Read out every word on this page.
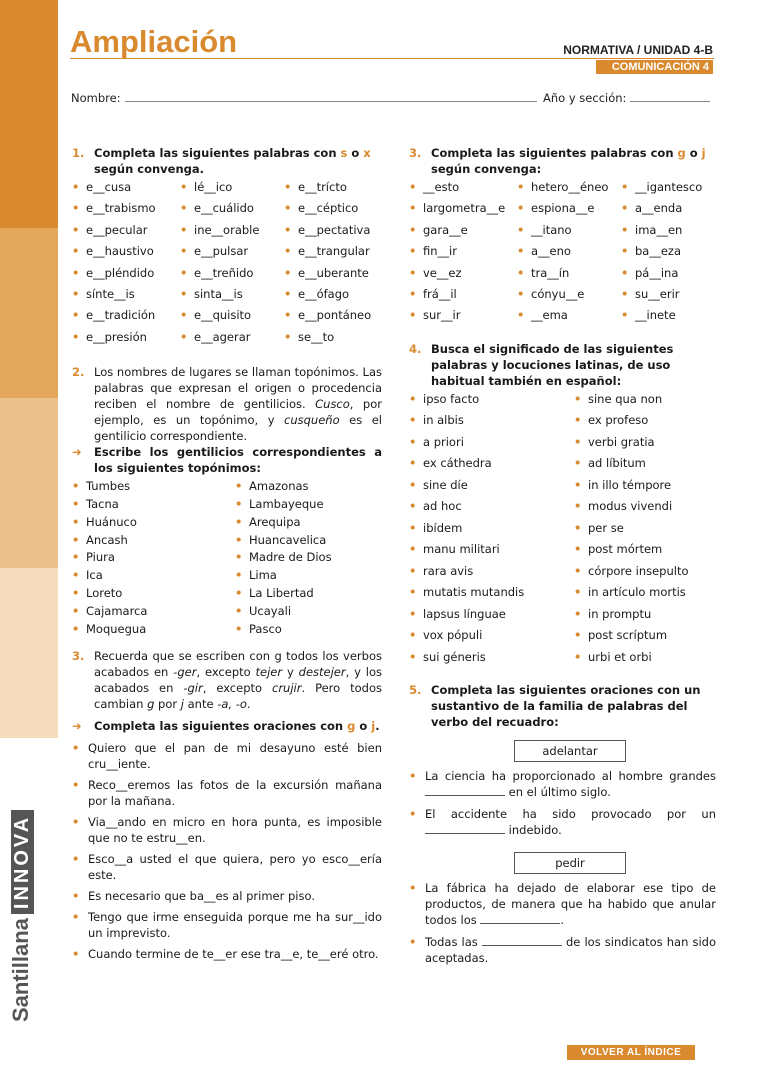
SantillanaINNOVA
Ampliación	NORMATIVA / UNIDAD 4-B
COMUNICACIÓN 4
Nombre:	Año y sección:
1. Completa las siguientes palabras con s o x según convenga.
• e__cusa	• lé__ico	• e__trícto
• e__trabismo	• e__cuálido	• e__céptico
• e__pecular	• ine__orable	• e__pectativa
• e__haustivo	• e__pulsar	• e__trangular
• e__pléndido	• e__treñido	• e__uberante
• sínte__is	• sinta__is	• e__ófago
• e__tradición	• e__quisito	• e__pontáneo
• e__presión	• e__agerar	• se__to
2. Los nombres de lugares se llaman topónimos. Las palabras que expresan el origen o procedencia reciben el nombre de gentilicios. Cusco, por ejemplo, es un topónimo, y cusqueño es el gentilicio correspondiente.
➜ Escribe los gentilicios correspondientes a los siguientes topónimos:
• Tumbes	• Amazonas
• Tacna	• Lambayeque
• Huánuco	• Arequipa
• Ancash	• Huancavelica
• Piura	• Madre de Dios
• Ica	• Lima
• Loreto	• La Libertad
• Cajamarca	• Ucayali
• Moquegua	• Pasco
3. Recuerda que se escriben con g todos los verbos acabados en -ger, excepto tejer y destejer, y los acabados en -gir, excepto crujir. Pero todos cambian g por j ante -a, -o.
➜ Completa las siguientes oraciones con g o j.
• Quiero que el pan de mi desayuno esté bien cru__iente.
• Reco__eremos las fotos de la excursión mañana por la mañana.
• Via__ando en micro en hora punta, es imposible que no te estru__en.
• Esco__a usted el que quiera, pero yo esco__ería este.
• Es necesario que ba__es al primer piso.
• Tengo que irme enseguida porque me ha sur__ido un imprevisto.
• Cuando termine de te__er ese tra__e, te__eré otro.
3. Completa las siguientes palabras con g o j según convenga:
• __esto	• hetero__éneo	• __igantesco
• largometra__e	• espiona__e	• a__enda
• gara__e	• __itano	• ima__en
• fin__ir	• a__eno	• ba__eza
• ve__ez	• tra__ín	• pá__ina
• frá__il	• cónyu__e	• su__erir
• sur__ir	• __ema	• __inete
4. Busca el significado de las siguientes palabras y locuciones latinas, de uso habitual también en español:
• ipso facto	• sine qua non
• in albis	• ex profeso
• a priori	• verbi gratia
• ex cáthedra	• ad líbitum
• sine díe	• in illo témpore
• ad hoc	• modus vivendi
• ibídem	• per se
• manu militari	• post mórtem
• rara avis	• córpore insepulto
• mutatis mutandis	• in artículo mortis
• lapsus línguae	• in promptu
• vox pópuli	• post scríptum
• sui géneris	• urbi et orbi
5. Completa las siguientes oraciones con un sustantivo de la familia de palabras del verbo del recuadro:
adelantar
• La ciencia ha proporcionado al hombre grandes  en el último siglo.
• El accidente ha sido provocado por un  indebido.
pedir
• La fábrica ha dejado de elaborar ese tipo de productos, de manera que ha habido que anular todos los	.
• Todas las	de los sindicatos han sido aceptadas.
VOLVER AL ÍNDICE
